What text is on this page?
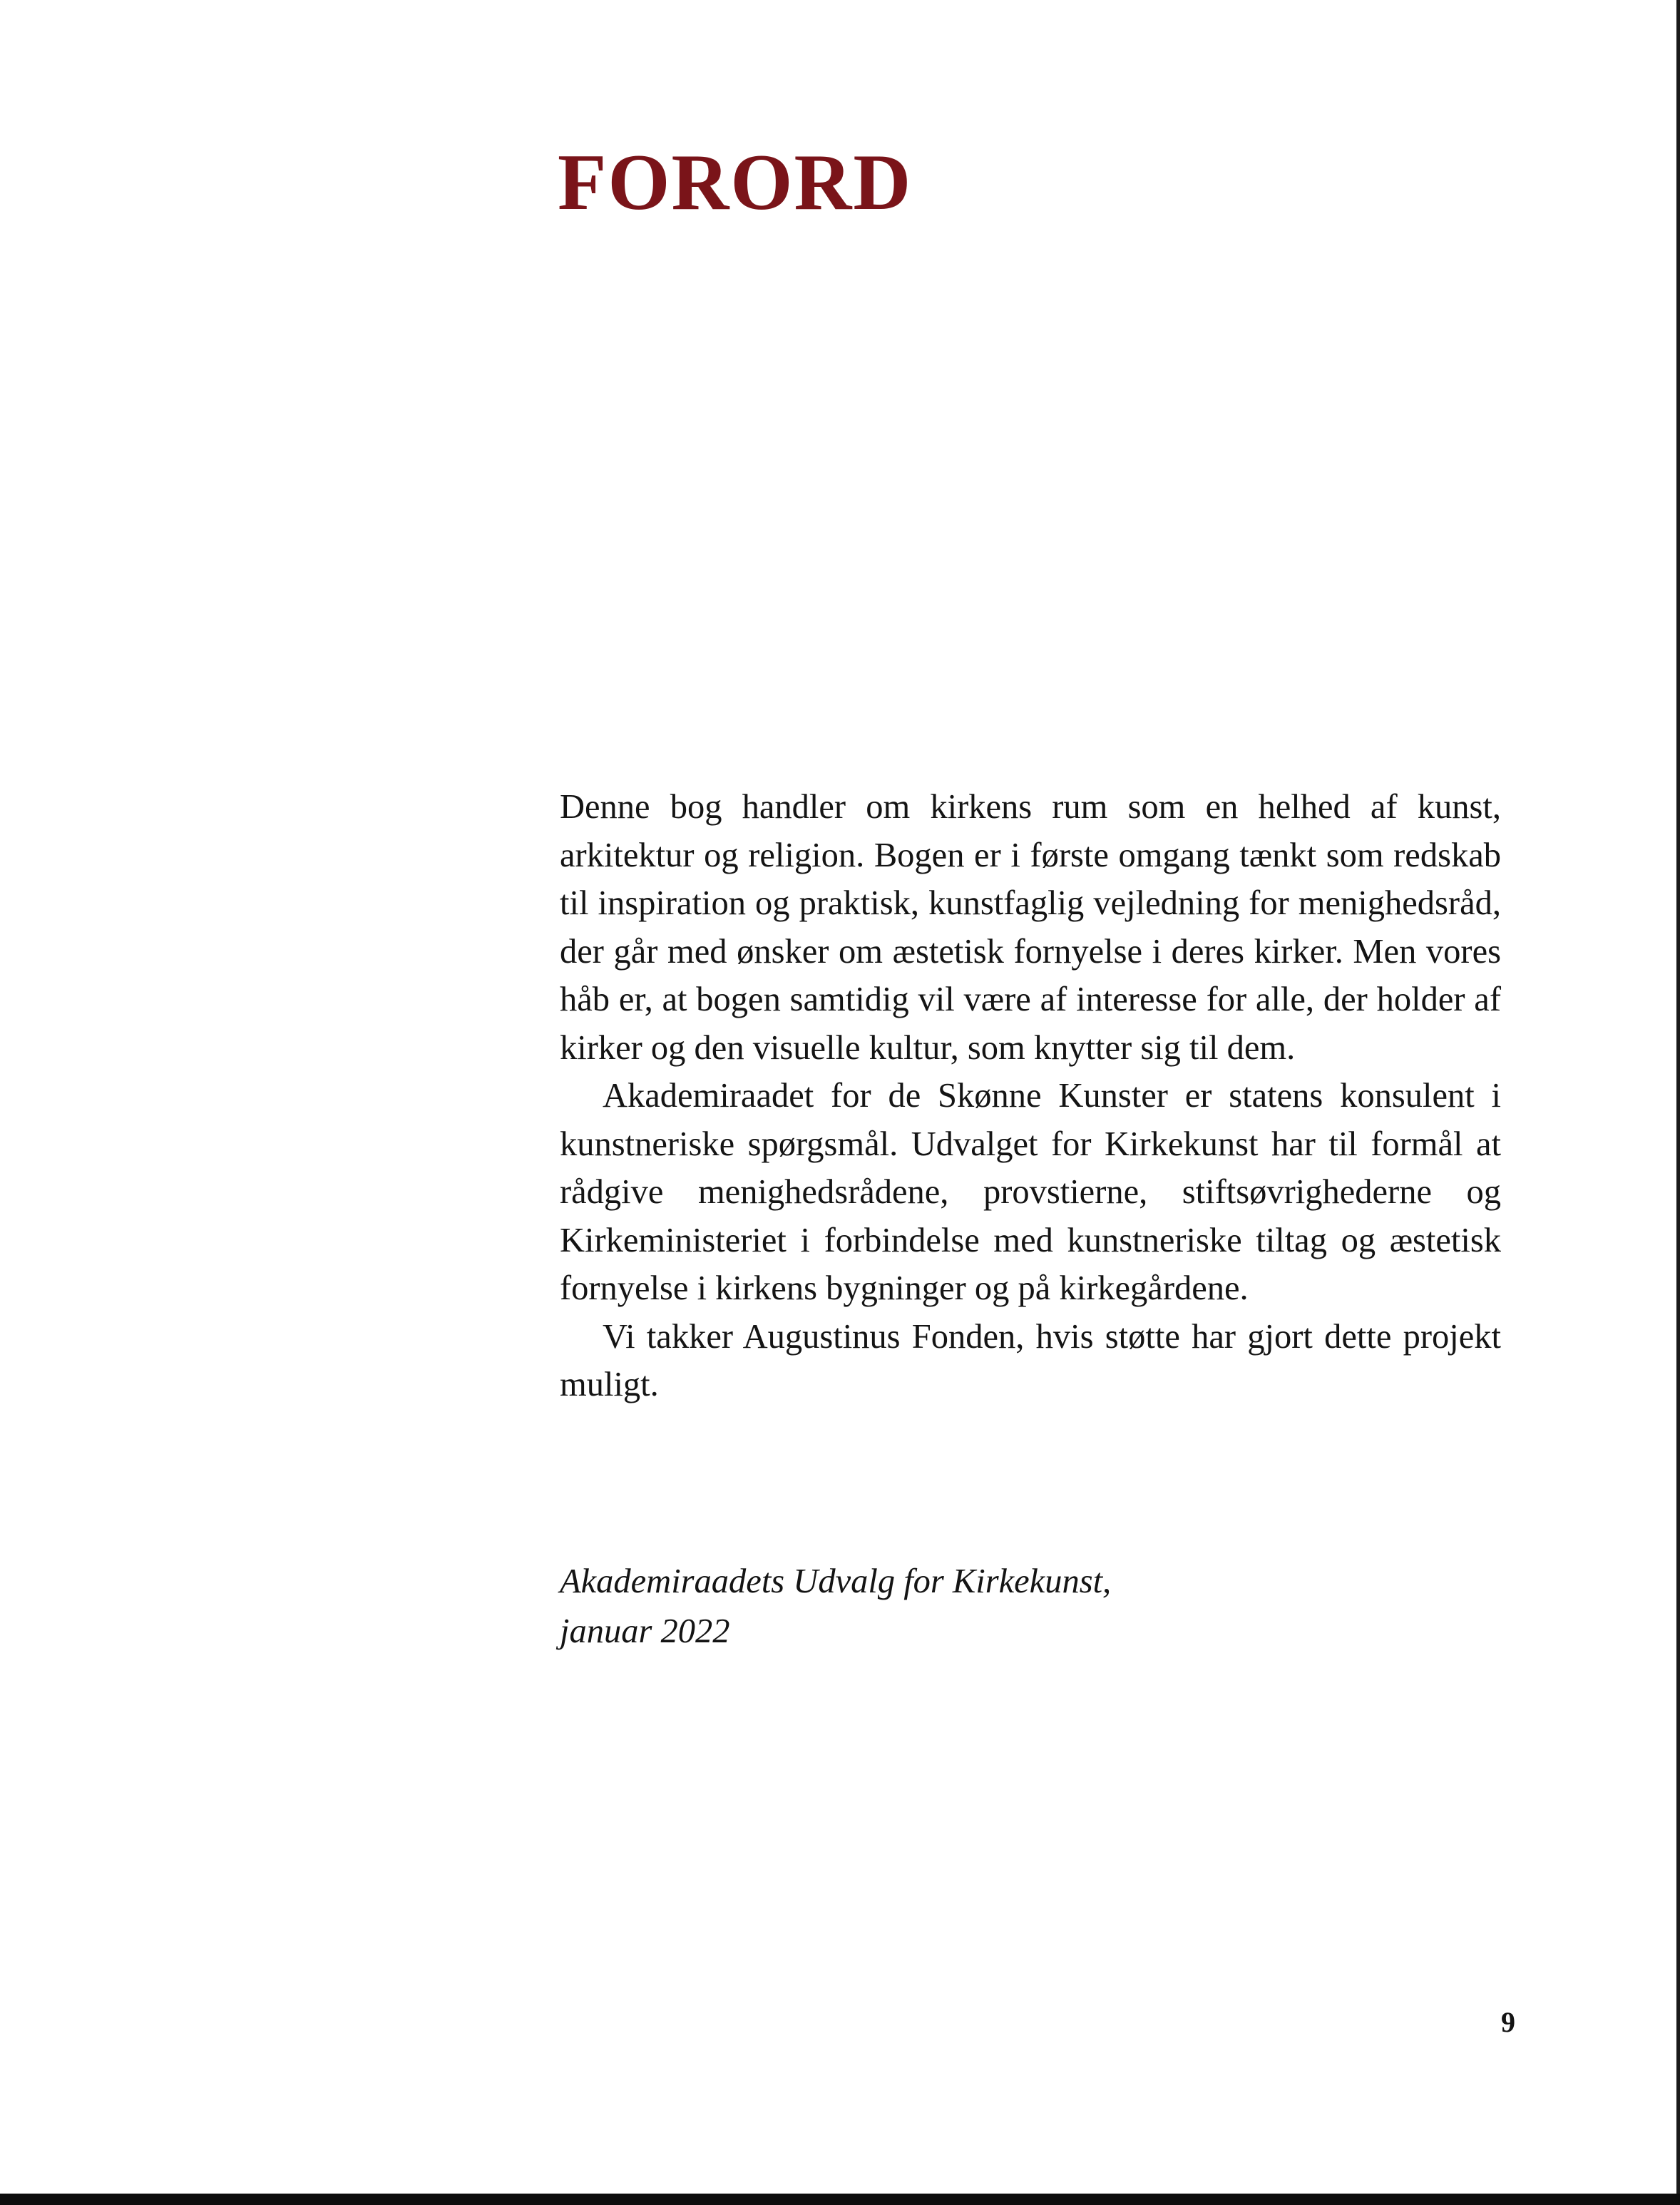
FORORD

Denne bog handler om kirkens rum som en helhed af kunst, arkitektur og religion. Bogen er i første omgang tænkt som redskab til inspiration og praktisk, kunstfaglig vejledning for menighedsråd, der går med ønsker om æstetisk fornyelse i deres kirker. Men vores håb er, at bogen samtidig vil være af interesse for alle, der holder af kirker og den visuelle kultur, som knytter sig til dem.

Akademiraadet for de Skønne Kunster er statens konsulent i kunstneriske spørgsmål. Udvalget for Kirkekunst har til formål at rådgive menighedsrådene, provstierne, stiftsøvrighederne og Kirkeministeriet i forbindelse med kunstneriske tiltag og æstetisk fornyelse i kirkens bygninger og på kirkegårdene.

Vi takker Augustinus Fonden, hvis støtte har gjort dette projekt muligt.

Akademiraadets Udvalg for Kirkekunst,
januar 2022
9
